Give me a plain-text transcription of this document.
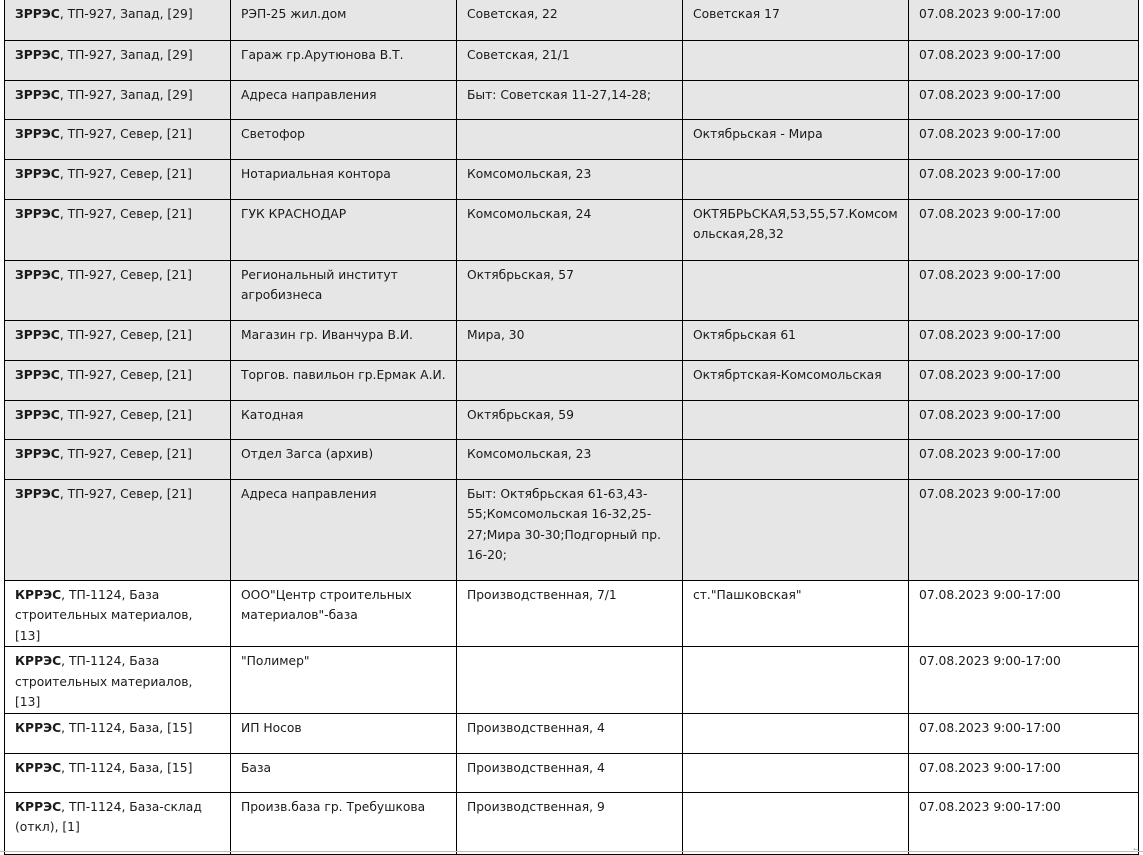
ЗРРЭС, ТП-927, Запад, [29]	РЭП-25 жил.дом	Советская, 22	Советская 17	07.08.2023 9:00-17:00
ЗРРЭС, ТП-927, Запад, [29]	Гараж гр.Арутюнова В.Т.	Советская, 21/1		07.08.2023 9:00-17:00
ЗРРЭС, ТП-927, Запад, [29]	Адреса направления	Быт: Советская 11-27,14-28;		07.08.2023 9:00-17:00
ЗРРЭС, ТП-927, Север, [21]	Светофор		Октябрьская - Мира	07.08.2023 9:00-17:00
ЗРРЭС, ТП-927, Север, [21]	Нотариальная контора	Комсомольская, 23		07.08.2023 9:00-17:00
ЗРРЭС, ТП-927, Север, [21]	ГУК КРАСНОДАР	Комсомольская, 24	ОКТЯБРЬСКАЯ,53,55,57.Комсомольская,28,32	07.08.2023 9:00-17:00
ЗРРЭС, ТП-927, Север, [21]	Региональный институт агробизнеса	Октябрьская, 57		07.08.2023 9:00-17:00
ЗРРЭС, ТП-927, Север, [21]	Магазин гр. Иванчура В.И.	Мира, 30	Октябрьская 61	07.08.2023 9:00-17:00
ЗРРЭС, ТП-927, Север, [21]	Торгов. павильон гр.Ермак А.И.		Октябртская-Комсомольская	07.08.2023 9:00-17:00
ЗРРЭС, ТП-927, Север, [21]	Катодная	Октябрьская, 59		07.08.2023 9:00-17:00
ЗРРЭС, ТП-927, Север, [21]	Отдел Загса (архив)	Комсомольская, 23		07.08.2023 9:00-17:00
ЗРРЭС, ТП-927, Север, [21]	Адреса направления	Быт: Октябрьская 61-63,43-55;Комсомольская 16-32,25-27;Мира 30-30;Подгорный пр. 16-20;		07.08.2023 9:00-17:00
КРРЭС, ТП-1124, База строительных материалов, [13]	ООО"Центр строительных материалов"-база	Производственная, 7/1	ст."Пашковская"	07.08.2023 9:00-17:00
КРРЭС, ТП-1124, База строительных материалов, [13]	"Полимер"			07.08.2023 9:00-17:00
КРРЭС, ТП-1124, База, [15]	ИП Носов	Производственная, 4		07.08.2023 9:00-17:00
КРРЭС, ТП-1124, База, [15]	База	Производственная, 4		07.08.2023 9:00-17:00
КРРЭС, ТП-1124, База-склад (откл), [1]	Произв.база гр. Требушкова	Производственная, 9		07.08.2023 9:00-17:00
⌙
